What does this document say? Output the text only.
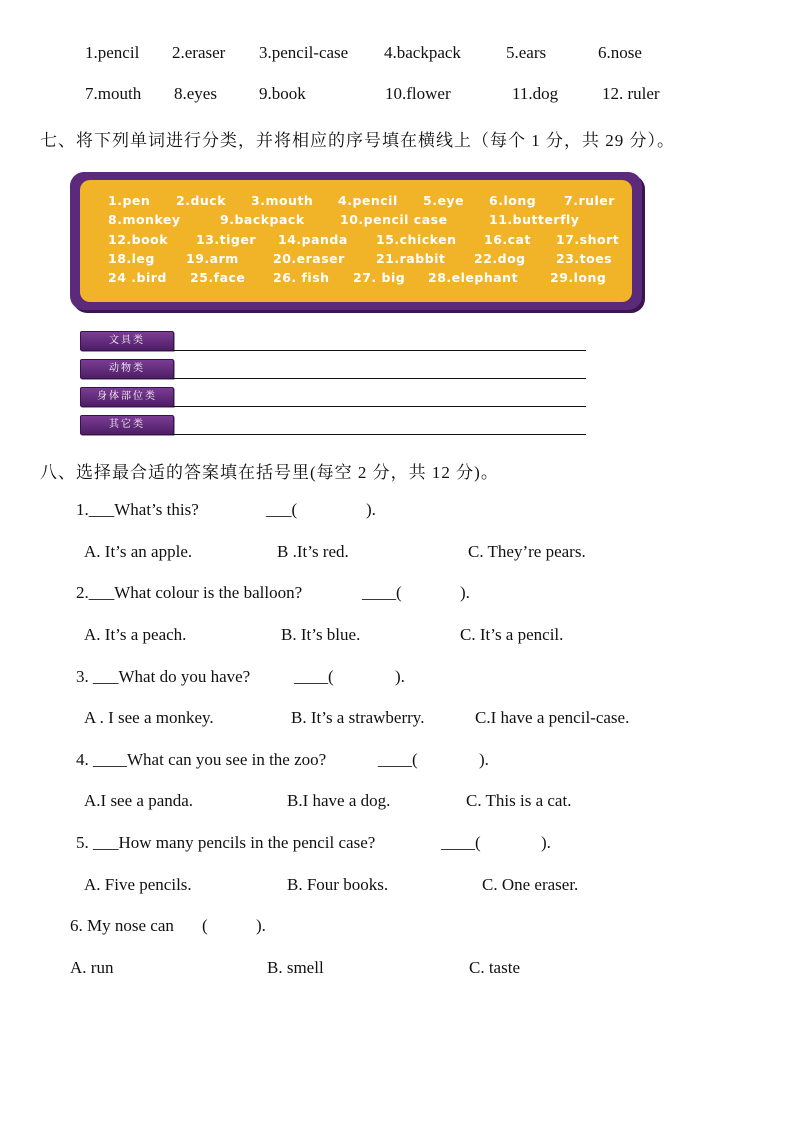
1.pencil 2.eraser 3.pencil-case 4.backpack	5.ears	6.nose
7.mouth 8.eyes 9.book	10.flower	11.dog	12. ruler
七、将下列单词进行分类，并将相应的序号填在横线上（每个 1 分，共 29 分）。
1.pen 2.duck 3.mouth 4.pencil 5.eye 6.long 7.ruler
8.monkey	9.backpack	10.pencil case	11.butterfly
12.book 13.tiger 14.panda 15.chicken 16.cat 17.short
18.leg 19.arm	20.eraser 21.rabbit 22.dog 23.toes
24 .bird 25.face 26. fish 27. big 28.elephant	29.long
文具类
动物类
身体部位类
其它类
八、选择最合适的答案填在括号里(每空 2 分，共 12 分)。
1.___What’s this?	___(	).
A. It’s an apple.	B .It’s red.	C. They’re pears.
2.___What colour is the balloon?	____(	).
A. It’s a peach.	B. It’s blue.	C. It’s a pencil.
3. ___What do you have?	____(	).
A . I see a monkey.	B. It’s a strawberry.	C.I have a pencil-case.
4. ____What can you see in the zoo?	____(	).
A.I see a panda.	B.I have a dog.	C. This is a cat.
5. ___How many pencils in the pencil case?	____(	).
A. Five pencils.	B. Four books.	C. One eraser.
6. My nose can (	).
A. run	B. smell	C. taste
